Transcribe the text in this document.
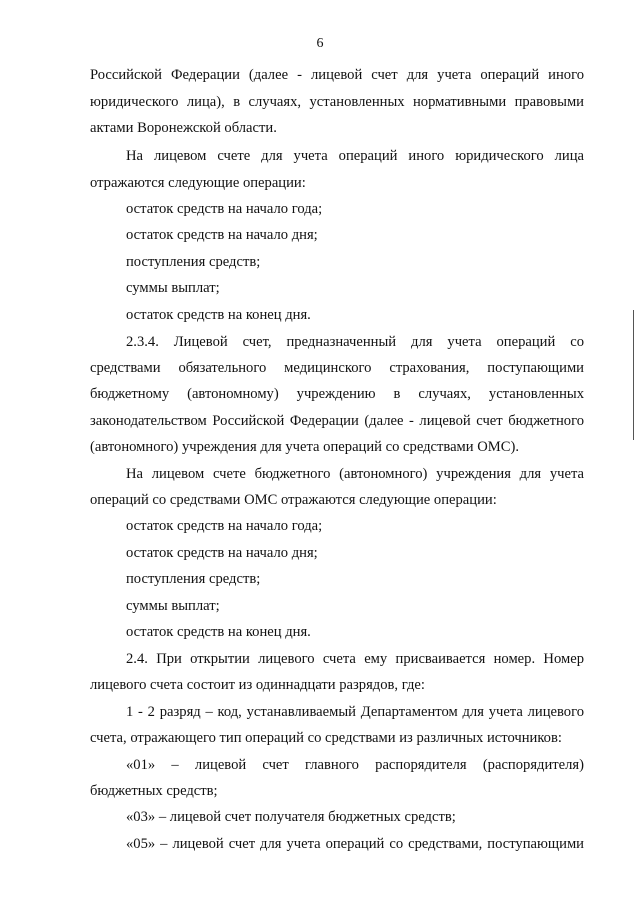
6
Российской Федерации (далее - лицевой счет для учета операций иного
юридического лица), в случаях, установленных нормативными правовыми
актами Воронежской области.
На лицевом счете для учета операций иного юридического лица
отражаются следующие операции:
остаток средств на начало года;
остаток средств на начало дня;
поступления средств;
суммы выплат;
остаток средств на конец дня.
2.3.4. Лицевой счет, предназначенный для учета операций со
средствами обязательного медицинского страхования, поступающими
бюджетному (автономному) учреждению в случаях, установленных
законодательством Российской Федерации (далее - лицевой счет бюджетного
(автономного) учреждения для учета операций со средствами ОМС).
На лицевом счете бюджетного (автономного) учреждения для учета
операций со средствами ОМС отражаются следующие операции:
остаток средств на начало года;
остаток средств на начало дня;
поступления средств;
суммы выплат;
остаток средств на конец дня.
2.4. При открытии лицевого счета ему присваивается номер. Номер
лицевого счета состоит из одиннадцати разрядов, где:
1 - 2 разряд – код, устанавливаемый Департаментом для учета лицевого
счета, отражающего тип операций со средствами из различных источников:
«01» – лицевой счет главного распорядителя (распорядителя)
бюджетных средств;
«03» – лицевой счет получателя бюджетных средств;
«05» – лицевой счет для учета операций со средствами, поступающими
